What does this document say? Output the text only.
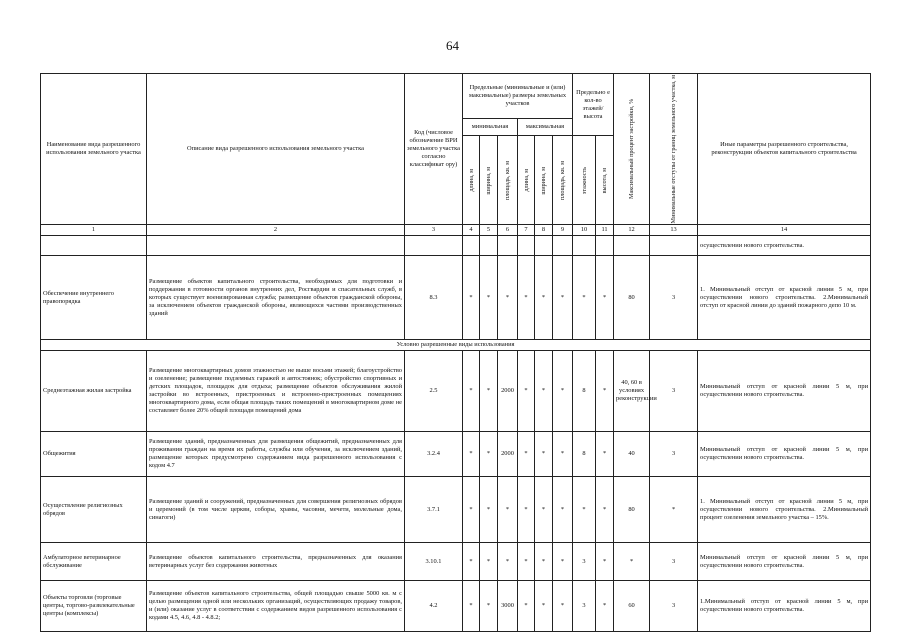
64
Наименование вида разрешенного использования земельного участка	Описание вида разрешенного использования земельного участка	Код (числовое обозначение ВРИ земельного участка согласно классификат ору)	Предельные (минимальные и (или) максимальные) размеры земельных участков						Предельно е кол-во этажей/ высота		Максимальный процент застройки, %	Минимальные отступы от границ земельного участка, м	Иные параметры разрешенного строительства, реконструкции объектов капитального строительства
			минимальная			максимальная							

			длина, м	ширина, м	площадь, кв. м	длина, м	ширина, м	площадь, кв. м	этажность	высота, м			

1	2	3	4	5	6	7	8	9	10	11	12	13	14
													осуществлении нового строительства.
Обеспечение внутреннего правопорядка	Размещение объектов капитального строительства, необходимых для подготовки и поддержания в готовности органов внутренних дел, Росгвардии и спасательных служб, в которых существует военизированная служба; размещение объектов гражданской обороны, за исключением объектов гражданской обороны, являющихся частями производственных зданий	8.3	*	*	*	*	*	*	*	*	80	3	1. Минимальный отступ от красной линии 5 м, при осуществлении нового строительства. 2.Минимальный отступ от красной линии до зданий пожарного депо 10 м.
Условно разрешенные виды использования													
Среднеэтажная жилая застройка	Размещение многоквартирных домов этажностью не выше восьми этажей; благоустройство и озеленение; размещение подземных гаражей и автостоянок; обустройство спортивных и детских площадок, площадок для отдыха; размещение объектов обслуживания жилой застройки во встроенных, пристроенных и встроенно-пристроенных помещениях многоквартирного дома, если общая площадь таких помещений в многоквартирном доме не составляет более 20% общей площади помещений дома	2.5	*	*	2000	*	*	*	8	*	40, 60 в условиях реконструкции	3	Минимальный отступ от красной линии 5 м, при осуществлении нового строительства.
Общежития	Размещение зданий, предназначенных для размещения общежитий, предназначенных для проживания граждан на время их работы, службы или обучения, за исключением зданий, размещение которых предусмотрено содержанием вида разрешенного использования с кодом 4.7	3.2.4	*	*	2000	*	*	*	8	*	40	3	Минимальный отступ от красной линии 5 м, при осуществлении нового строительства.
Осуществление религиозных обрядов	Размещение зданий и сооружений, предназначенных для совершения религиозных обрядов и церемоний (в том числе церкви, соборы, храмы, часовни, мечети, молельные дома, синагоги)	3.7.1	*	*	*	*	*	*	*	*	80	*	1. Минимальный отступ от красной линии 5 м, при осуществлении нового строительства. 2.Минимальный процент озеленения земельного участка – 15%.
Амбулаторное ветеринарное обслуживание	Размещение объектов капитального строительства, предназначенных для оказания ветеринарных услуг без содержания животных	3.10.1	*	*	*	*	*	*	3	*	*	3	Минимальный отступ от красной линии 5 м, при осуществлении нового строительства.
Объекты торговли (торговые центры, торгово-развлекательные центры (комплексы)	Размещение объектов капитального строительства, общей площадью свыше 5000 кв. м с целью размещения одной или нескольких организаций, осуществляющих продажу товаров, и (или) оказание услуг в соответствии с содержанием видов разрешенного использования с кодами 4.5, 4.6, 4.8 - 4.8.2;	4.2	*	*	3000	*	*	*	3	*	60	3	1.Минимальный отступ от красной линии 5 м, при осуществлении нового строительства.
